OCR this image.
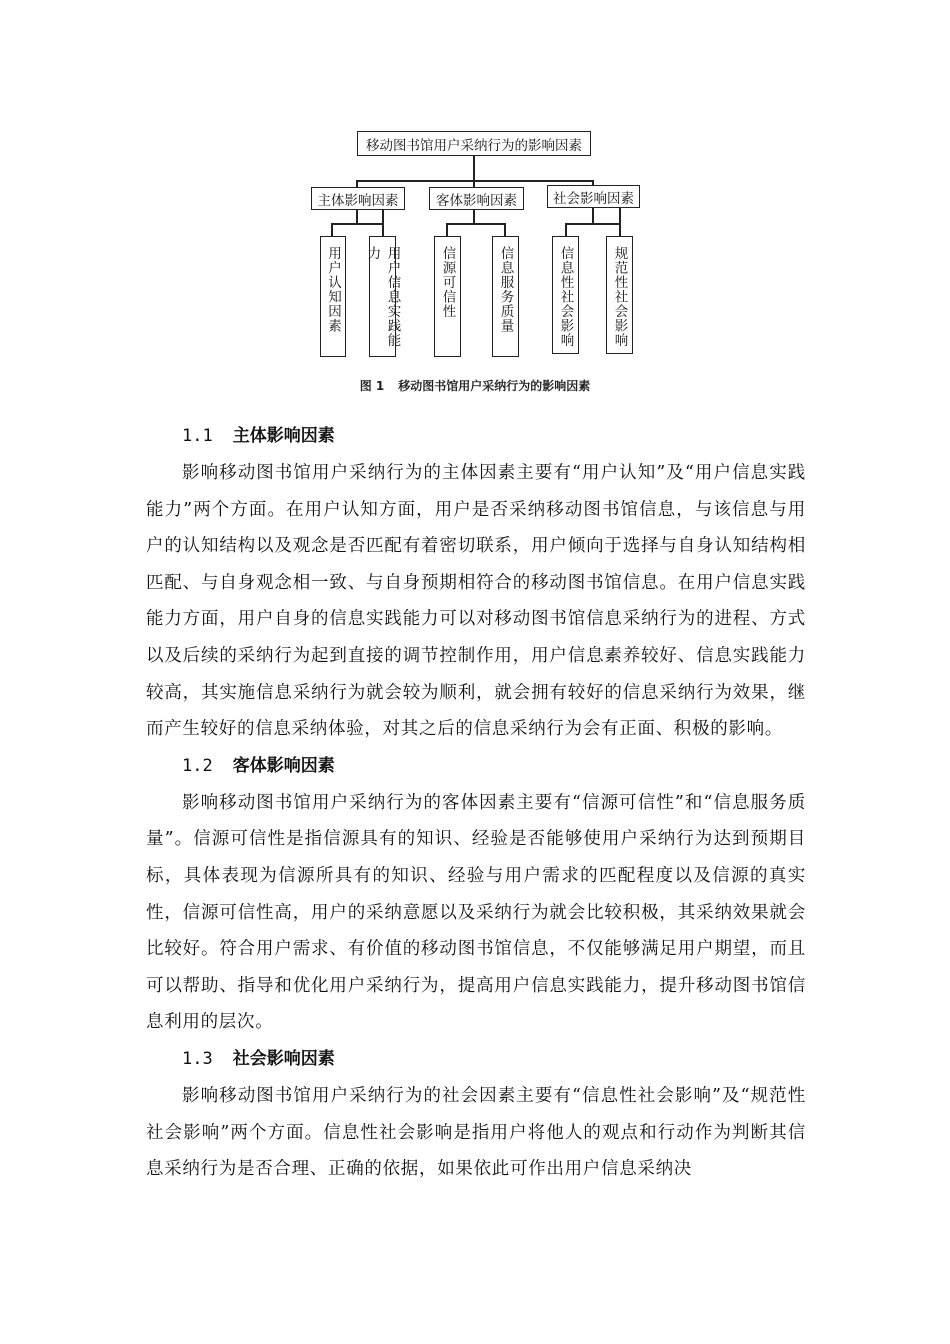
移动图书馆用户采纳行为的影响因素
主体影响因素	客体影响因素	社会影响因素
用户认知因素	用户信息实践能力	信源可信性	信息服务质量	信息性社会影响	规范性社会影响
图 1 移动图书馆用户采纳行为的影响因素
1.1 主体影响因素

影响移动图书馆用户采纳行为的主体因素主要有“用户认知”及“用户信息实践能力”两个方面。在用户认知方面，用户是否采纳移动图书馆信息，与该信息与用户的认知结构以及观念是否匹配有着密切联系，用户倾向于选择与自身认知结构相匹配、与自身观念相一致、与自身预期相符合的移动图书馆信息。在用户信息实践能力方面，用户自身的信息实践能力可以对移动图书馆信息采纳行为的进程、方式以及后续的采纳行为起到直接的调节控制作用，用户信息素养较好、信息实践能力较高，其实施信息采纳行为就会较为顺利，就会拥有较好的信息采纳行为效果，继而产生较好的信息采纳体验，对其之后的信息采纳行为会有正面、积极的影响。

1.2 客体影响因素

影响移动图书馆用户采纳行为的客体因素主要有“信源可信性”和“信息服务质量”。信源可信性是指信源具有的知识、经验是否能够使用户采纳行为达到预期目标，具体表现为信源所具有的知识、经验与用户需求的匹配程度以及信源的真实性，信源可信性高，用户的采纳意愿以及采纳行为就会比较积极，其采纳效果就会比较好。符合用户需求、有价值的移动图书馆信息，不仅能够满足用户期望，而且可以帮助、指导和优化用户采纳行为，提高用户信息实践能力，提升移动图书馆信息利用的层次。

1.3 社会影响因素

影响移动图书馆用户采纳行为的社会因素主要有“信息性社会影响”及“规范性社会影响”两个方面。信息性社会影响是指用户将他人的观点和行动作为判断其信息采纳行为是否合理、正确的依据，如果依此可作出用户信息采纳决
